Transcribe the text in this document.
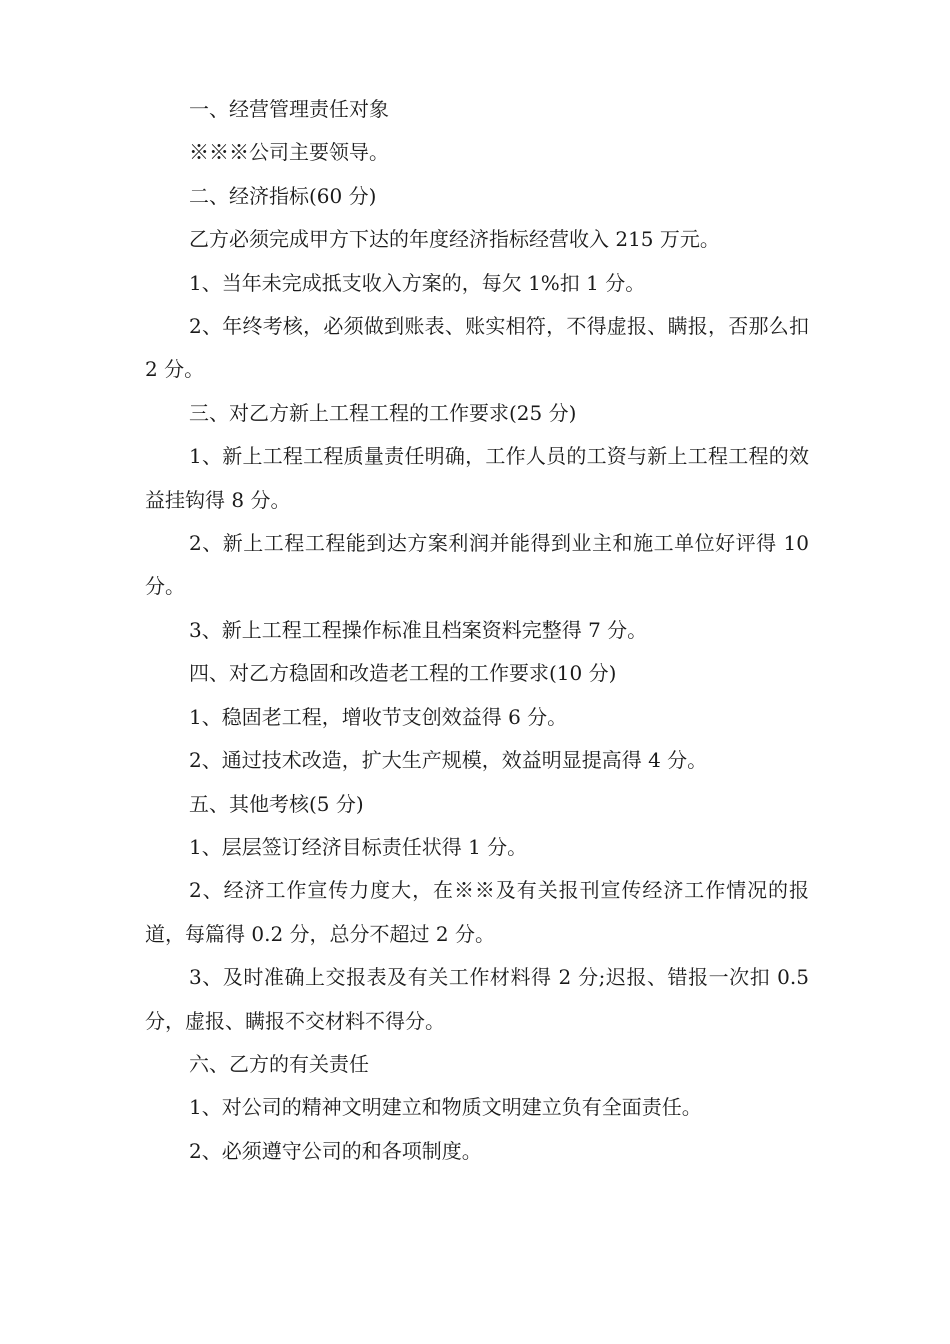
一、经营管理责任对象

※※※公司主要领导。

二、经济指标(60 分)

乙方必须完成甲方下达的年度经济指标经营收入 215 万元。

1、当年未完成抵支收入方案的，每欠 1%扣 1 分。

2、年终考核，必须做到账表、账实相符，不得虚报、瞒报，否那么扣 2 分。

三、对乙方新上工程工程的工作要求(25 分)

1、新上工程工程质量责任明确，工作人员的工资与新上工程工程的效益挂钩得 8 分。

2、新上工程工程能到达方案利润并能得到业主和施工单位好评得 10 分。

3、新上工程工程操作标准且档案资料完整得 7 分。

四、对乙方稳固和改造老工程的工作要求(10 分)

1、稳固老工程，增收节支创效益得 6 分。

2、通过技术改造，扩大生产规模，效益明显提高得 4 分。

五、其他考核(5 分)

1、层层签订经济目标责任状得 1 分。

2、经济工作宣传力度大，在※※及有关报刊宣传经济工作情况的报道，每篇得 0.2 分，总分不超过 2 分。

3、及时准确上交报表及有关工作材料得 2 分;迟报、错报一次扣 0.5 分，虚报、瞒报不交材料不得分。

六、乙方的有关责任

1、对公司的精神文明建立和物质文明建立负有全面责任。

2、必须遵守公司的和各项制度。
